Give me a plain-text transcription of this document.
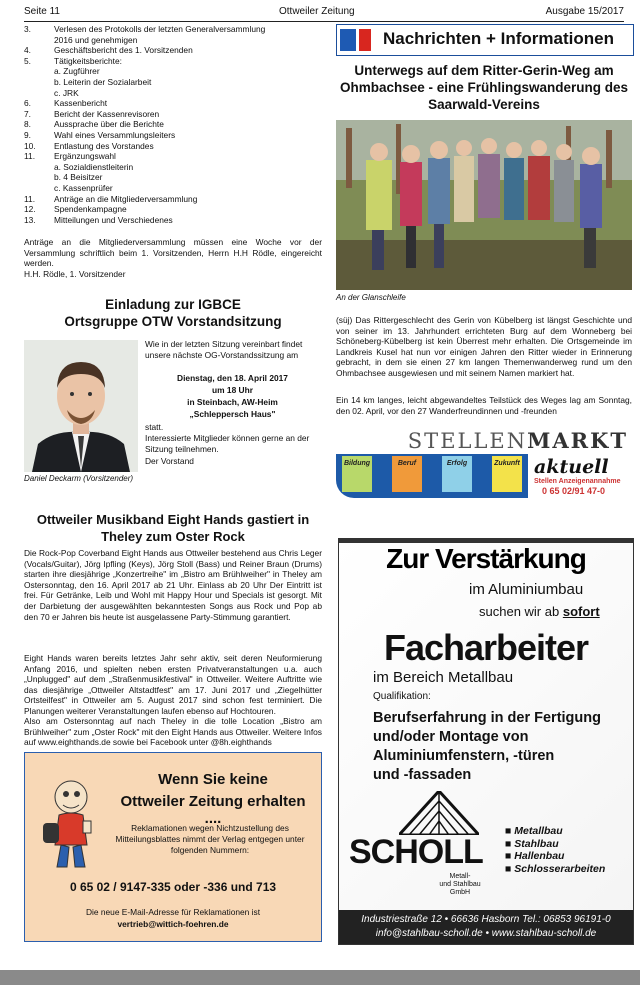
Seite 11	Ottweiler Zeitung	Ausgabe 15/2017
3.	Verlesen des Protokolls der letzten Generalversammlung
2016 und genehmigen
4.	Geschäftsbericht des 1. Vorsitzenden
5.	Tätigkeitsberichte:
a. Zugführer
b. Leiterin der Sozialarbeit
c. JRK
6.	Kassenbericht
7.	Bericht der Kassenrevisoren
8.	Aussprache über die Berichte
9.	Wahl eines Versammlungsleiters
10.	Entlastung des Vorstandes
11.	Ergänzungswahl
a. Sozialdienstleiterin
b. 4 Beisitzer
c. Kassenprüfer
11.	Anträge an die Mitgliederversammlung
12.	Spendenkampagne
13.	Mitteilungen und Verschiedenes
Anträge an die Mitgliederversammlung müssen eine Woche vor der Versammlung schriftlich beim 1. Vorsitzenden, Herrn H.H Rödle, eingereicht werden.
H.H. Rödle, 1. Vorsitzender
Einladung zur IGBCE
Ortsgruppe OTW Vorstandsitzung
Daniel Deckarm (Vorsitzender)
Wie in der letzten Sitzung vereinbart findet unsere nächste OG-Vorstandssitzung am
Dienstag, den 18. April 2017
um 18 Uhr
in Steinbach, AW-Heim
„Schleppersch Haus"
statt.
Interessierte Mitglieder können gerne an der Sitzung teilnehmen.
Der Vorstand
Ottweiler Musikband Eight Hands gastiert in Theley zum Oster Rock
Die Rock-Pop Coverband Eight Hands aus Ottweiler bestehend aus Chris Leger (Vocals/Guitar), Jörg Ipfling (Keys), Jörg Stoll (Bass) und Reiner Braun (Drums) starten ihre diesjährige „Konzertreihe" im „Bistro am Brühlweiher" in Theley am Ostersonntag, den 16. April 2017 ab 21 Uhr. Einlass ab 20 Uhr Der Eintritt ist frei. Für Getränke, Leib und Wohl mit Happy Hour und Specials ist gesorgt. Mit der Darbietung der ausgewählten bekanntesten Songs aus Rock und Pop ab den 70 er Jahren bis heute ist ausgelassene Party-Stimmung garantiert.
Eight Hands waren bereits letztes Jahr sehr aktiv, seit deren Neuformierung Anfang 2016, und spielten neben ersten Privatveranstaltungen u.a. auch „Unplugged" auf dem „Straßenmusikfestival" in Ottweiler. Weitere Auftritte wie das diesjährige „Ottweiler Altstadtfest" am 17. Juni 2017 und „Ziegelhütter Ortsteilfest" in Ottweiler am 5. August 2017 sind schon fest terminiert. Die Planungen weiterer Veranstaltungen laufen ebenso auf Hochtouren.
Also am Ostersonntag auf nach Theley in die tolle Location „Bistro am Brühlweiher" zum „Oster Rock" mit den Eight Hands aus Ottweiler. Weitere Infos auf www.eighthands.de sowie bei Facebook unter @8h.eighthands
Wenn Sie keine
Ottweiler Zeitung erhalten ....
Reklamationen wegen Nichtzustellung des Mitteilungsblattes nimmt der Verlag entgegen unter folgenden Nummern:
0 65 02 / 9147-335 oder -336 und 713
Die neue E-Mail-Adresse für Reklamationen ist
vertrieb@wittich-foehren.de
Nachrichten + Informationen
Unterwegs auf dem Ritter-Gerin-Weg am Ohmbachsee - eine Frühlingswanderung des Saarwald-Vereins
An der Glanschleife
(süj) Das Rittergeschlecht des Gerin von Kübelberg ist längst Geschichte und von seiner im 13. Jahrhundert errichteten Burg auf dem Wonneberg bei Schöneberg-Kübelberg ist kein Überrest mehr erhalten. Die Ortsgemeinde im Landkreis Kusel hat nun vor einigen Jahren den Ritter wieder in Erinnerung gebracht, in dem sie einen 27 km langen Themenwanderweg rund um den Ohmbachsee ausgewiesen und mit seinem Namen markiert hat.
Ein 14 km langes, leicht abgewandeltes Teilstück des Weges lag am Sonntag, den 02. April, vor den 27 Wanderfreundinnen und -freunden
STELLENMARKT
Bildung	Beruf	Erfolg	Zukunft aktuell
Stellen Anzeigenannahme
0 65 02/91 47-0
Zur Verstärkung
im Aluminiumbau
suchen wir ab sofort
Facharbeiter
im Bereich Metallbau
Qualifikation:
Berufserfahrung in der Fertigung
und/oder Montage von
Aluminiumfenstern, -türen
und -fassaden
SCHOLL
Metall-
und Stahlbau
GmbH
■ Metallbau
■ Stahlbau
■ Hallenbau
■ Schlosserarbeiten
Industriestraße 12 • 66636 Hasborn Tel.: 06853 96191-0
info@stahlbau-scholl.de • www.stahlbau-scholl.de
